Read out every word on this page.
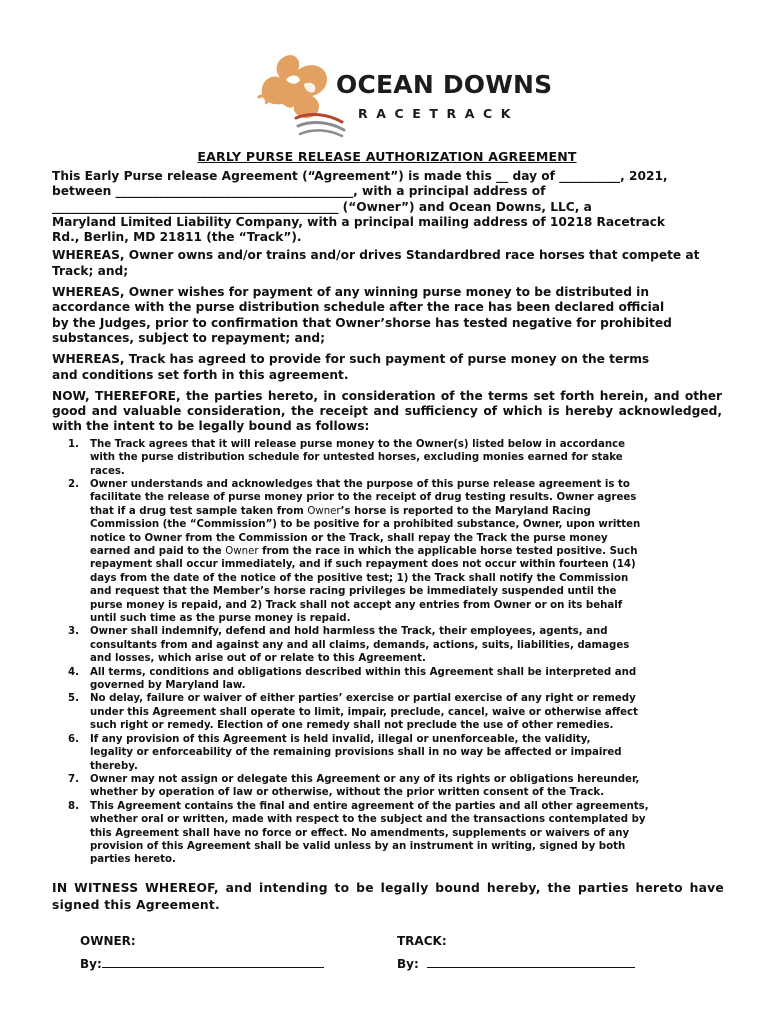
OCEAN DOWNS
RACETRACK
EARLY PURSE RELEASE AUTHORIZATION AGREEMENT
This Early Purse release Agreement (“Agreement”) is made this __ day of __________, 2021,
between _______________________________________, with a principal address of
_______________________________________________ (“Owner”) and Ocean Downs, LLC, a
Maryland Limited Liability Company, with a principal mailing address of 10218 Racetrack
Rd., Berlin, MD 21811 (the “Track”).
WHEREAS, Owner owns and/or trains and/or drives Standardbred race horses that compete at
Track; and;
WHEREAS, Owner wishes for payment of any winning purse money to be distributed in
accordance with the purse distribution schedule after the race has been declared official
by the Judges, prior to confirmation that Owner’shorse has tested negative for prohibited
substances, subject to repayment; and;
WHEREAS, Track has agreed to provide for such payment of purse money on the terms
and conditions set forth in this agreement.
NOW, THEREFORE, the parties hereto, in consideration of the terms set forth herein, and other good and valuable consideration, the receipt and sufficiency of which is hereby acknowledged, with the intent to be legally bound as follows:
1. The Track agrees that it will release purse money to the Owner(s) listed below in accordance
with the purse distribution schedule for untested horses, excluding monies earned for stake
races.
2. Owner understands and acknowledges that the purpose of this purse release agreement is to
facilitate the release of purse money prior to the receipt of drug testing results. Owner agrees
that if a drug test sample taken from Owner’s horse is reported to the Maryland Racing
Commission (the “Commission”) to be positive for a prohibited substance, Owner, upon written
notice to Owner from the Commission or the Track, shall repay the Track the purse money
earned and paid to the Owner from the race in which the applicable horse tested positive. Such
repayment shall occur immediately, and if such repayment does not occur within fourteen (14)
days from the date of the notice of the positive test; 1) the Track shall notify the Commission
and request that the Member’s horse racing privileges be immediately suspended until the
purse money is repaid, and 2) Track shall not accept any entries from Owner or on its behalf
until such time as the purse money is repaid.
3. Owner shall indemnify, defend and hold harmless the Track, their employees, agents, and
consultants from and against any and all claims, demands, actions, suits, liabilities, damages
and losses, which arise out of or relate to this Agreement.
4. All terms, conditions and obligations described within this Agreement shall be interpreted and
governed by Maryland law.
5. No delay, failure or waiver of either parties’ exercise or partial exercise of any right or remedy
under this Agreement shall operate to limit, impair, preclude, cancel, waive or otherwise affect
such right or remedy. Election of one remedy shall not preclude the use of other remedies.
6. If any provision of this Agreement is held invalid, illegal or unenforceable, the validity,
legality or enforceability of the remaining provisions shall in no way be affected or impaired
thereby.
7. Owner may not assign or delegate this Agreement or any of its rights or obligations hereunder,
whether by operation of law or otherwise, without the prior written consent of the Track.
8. This Agreement contains the final and entire agreement of the parties and all other agreements,
whether oral or written, made with respect to the subject and the transactions contemplated by
this Agreement shall have no force or effect. No amendments, supplements or waivers of any
provision of this Agreement shall be valid unless by an instrument in writing, signed by both
parties hereto.
IN WITNESS WHEREOF, and intending to be legally bound hereby, the parties hereto have signed this Agreement.
OWNER:	TRACK:
By:	By:
